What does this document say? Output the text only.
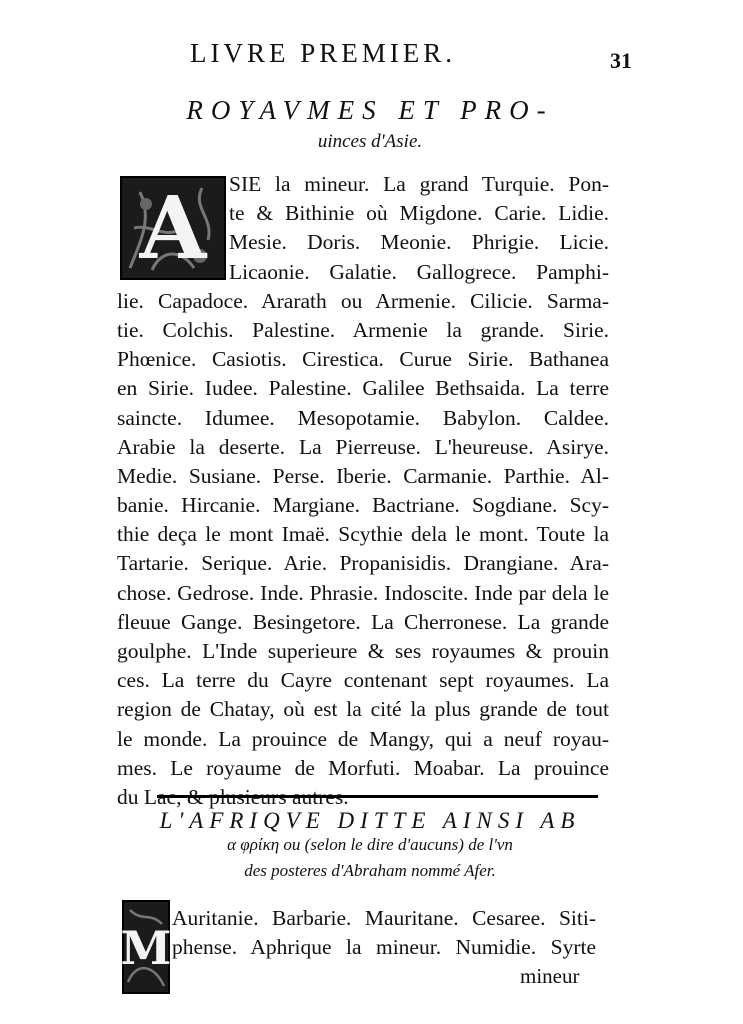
LIVRE PREMIER.	31
ROYAVMES ET PRO-
uinces d'Asie.
A SIE la mineur. La grand Turquie. Pon-
te & Bithinie où Migdone. Carie. Lidie.
Mesie. Doris. Meonie. Phrigie. Licie.
Licaonie. Galatie. Gallogrece. Pamphi-
lie. Capadoce. Ararath ou Armenie. Cilicie. Sarma-
tie. Colchis. Palestine. Armenie la grande. Sirie.
Phœnice. Casiotis. Cirestica. Curue Sirie. Bathanea
en Sirie. Iudee. Palestine. Galilee Bethsaida. La terre
saincte. Idumee. Mesopotamie. Babylon. Caldee.
Arabie la deserte. La Pierreuse. L'heureuse. Asirye.
Medie. Susiane. Perse. Iberie. Carmanie. Parthie. Al-
banie. Hircanie. Margiane. Bactriane. Sogdiane. Scy-
thie deça le mont Imaë. Scythie dela le mont. Toute la
Tartarie. Serique. Arie. Propanisidis. Drangiane. Ara-
chose. Gedrose. Inde. Phrasie. Indoscite. Inde par dela le
fleuue Gange. Besingetore. La Cherronese. La grande
goulphe. L'Inde superieure & ses royaumes & prouin
ces. La terre du Cayre contenant sept royaumes. La
region de Chatay, où est la cité la plus grande de tout
le monde. La prouince de Mangy, qui a neuf royau-
mes. Le royaume de Morfuti. Moabar. La prouince
du Lac, & plusieurs autres.
L'AFRIQVE DITTE AINSI AB
α φρίκη ou (selon le dire d'aucuns) de l'vn
des posteres d'Abraham nommé Afer.
M
Auritanie. Barbarie. Mauritane. Cesaree. Siti-
phense. Aphrique la mineur. Numidie. Syrte
mineur
